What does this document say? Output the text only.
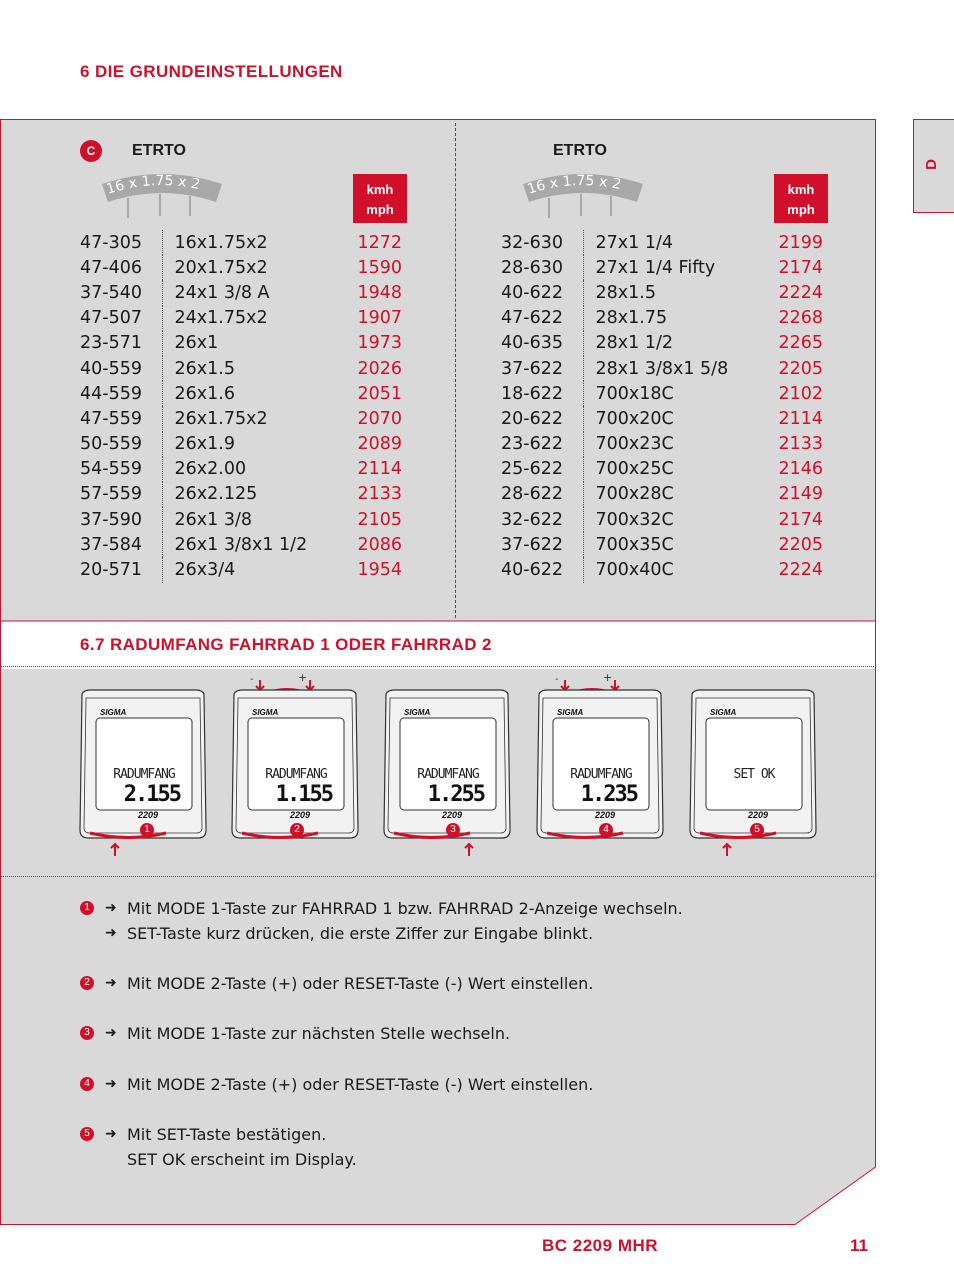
6 DIE GRUNDEINSTELLUNGEN
D
C	ETRTO
16 x 1.75 x 2	kmh
mph
ETRTO
16 x 1.75 x 2	kmh
mph
47-305	16x1.75x2	1272
47-406	20x1.75x2	1590
37-540	24x1 3/8 A	1948
47-507	24x1.75x2	1907
23-571	26x1	1973
40-559	26x1.5	2026
44-559	26x1.6	2051
47-559	26x1.75x2	2070
50-559	26x1.9	2089
54-559	26x2.00	2114
57-559	26x2.125	2133
37-590	26x1 3/8	2105
37-584	26x1 3/8x1 1/2	2086
20-571	26x3/4	1954
32-630	27x1 1/4	2199
28-630	27x1 1/4 Fifty	2174
40-622	28x1.5	2224
47-622	28x1.75	2268
40-635	28x1 1/2	2265
37-622	28x1 3/8x1 5/8	2205
18-622	700x18C	2102
20-622	700x20C	2114
23-622	700x23C	2133
25-622	700x25C	2146
28-622	700x28C	2149
32-622	700x32C	2174
37-622	700x35C	2205
40-622	700x40C	2224
6.7 RADUMFANG FAHRRAD 1 ODER FAHRRAD 2
SIGMA
RADUMFANG
2.155
2209
1
-	+
SIGMA
RADUMFANG
1.155
2209
2
SIGMA
RADUMFANG
1.255
2209
3
-	+
SIGMA
RADUMFANG
1.235
2209
4
SIGMA
SET OK
2209
5
1	➜ Mit MODE 1-Taste zur FAHRRAD 1 bzw. FAHRRAD 2-Anzeige wechseln.
➜ SET-Taste kurz drücken, die erste Ziffer zur Eingabe blinkt.
2	➜ Mit MODE 2-Taste (+) oder RESET-Taste (-) Wert einstellen.
3	➜ Mit MODE 1-Taste zur nächsten Stelle wechseln.
4	➜ Mit MODE 2-Taste (+) oder RESET-Taste (-) Wert einstellen.
5	➜ Mit SET-Taste bestätigen.
SET OK erscheint im Display.
BC 2209 MHR	11
